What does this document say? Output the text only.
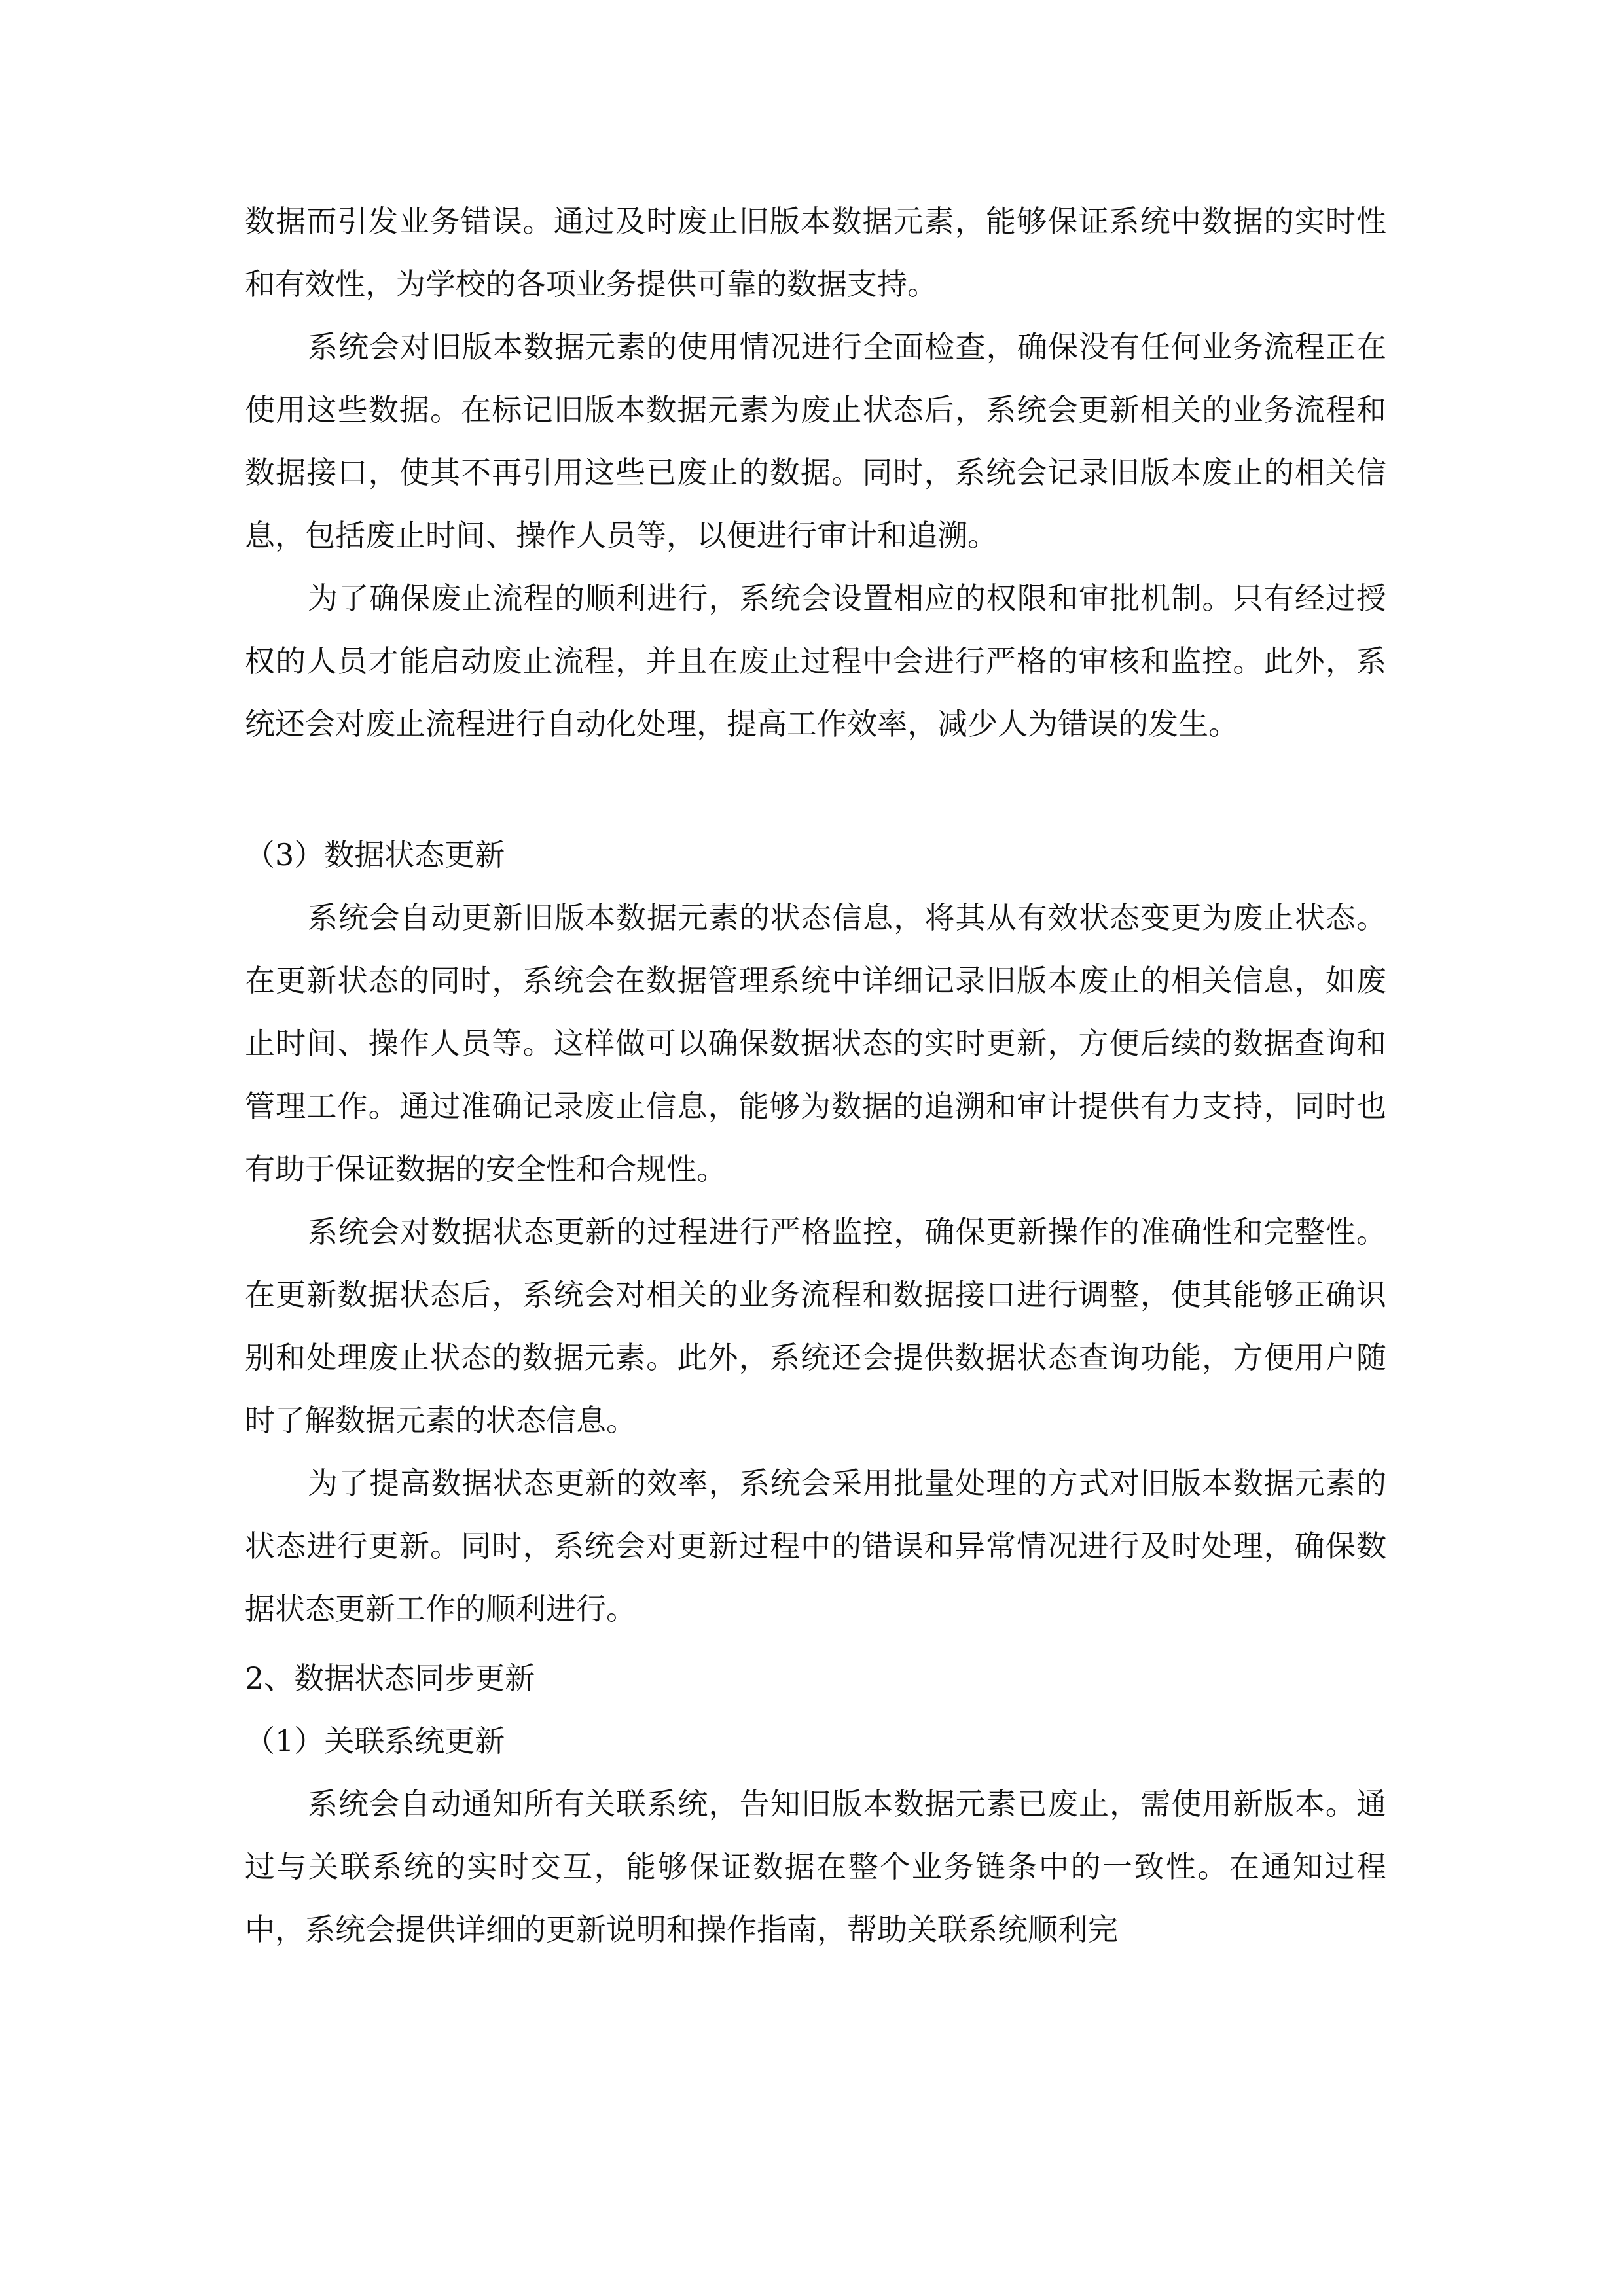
数据而引发业务错误。通过及时废止旧版本数据元素，能够保证系统中数据的实时性和有效性，为学校的各项业务提供可靠的数据支持。

系统会对旧版本数据元素的使用情况进行全面检查，确保没有任何业务流程正在使用这些数据。在标记旧版本数据元素为废止状态后，系统会更新相关的业务流程和数据接口，使其不再引用这些已废止的数据。同时，系统会记录旧版本废止的相关信息，包括废止时间、操作人员等，以便进行审计和追溯。

为了确保废止流程的顺利进行，系统会设置相应的权限和审批机制。只有经过授权的人员才能启动废止流程，并且在废止过程中会进行严格的审核和监控。此外，系统还会对废止流程进行自动化处理，提高工作效率，减少人为错误的发生。

（3）数据状态更新

系统会自动更新旧版本数据元素的状态信息，将其从有效状态变更为废止状态。在更新状态的同时，系统会在数据管理系统中详细记录旧版本废止的相关信息，如废止时间、操作人员等。这样做可以确保数据状态的实时更新，方便后续的数据查询和管理工作。通过准确记录废止信息，能够为数据的追溯和审计提供有力支持，同时也有助于保证数据的安全性和合规性。

系统会对数据状态更新的过程进行严格监控，确保更新操作的准确性和完整性。在更新数据状态后，系统会对相关的业务流程和数据接口进行调整，使其能够正确识别和处理废止状态的数据元素。此外，系统还会提供数据状态查询功能，方便用户随时了解数据元素的状态信息。

为了提高数据状态更新的效率，系统会采用批量处理的方式对旧版本数据元素的状态进行更新。同时，系统会对更新过程中的错误和异常情况进行及时处理，确保数据状态更新工作的顺利进行。

2、数据状态同步更新

（1）关联系统更新

系统会自动通知所有关联系统，告知旧版本数据元素已废止，需使用新版本。通过与关联系统的实时交互，能够保证数据在整个业务链条中的一致性。在通知过程中，系统会提供详细的更新说明和操作指南，帮助关联系统顺利完
